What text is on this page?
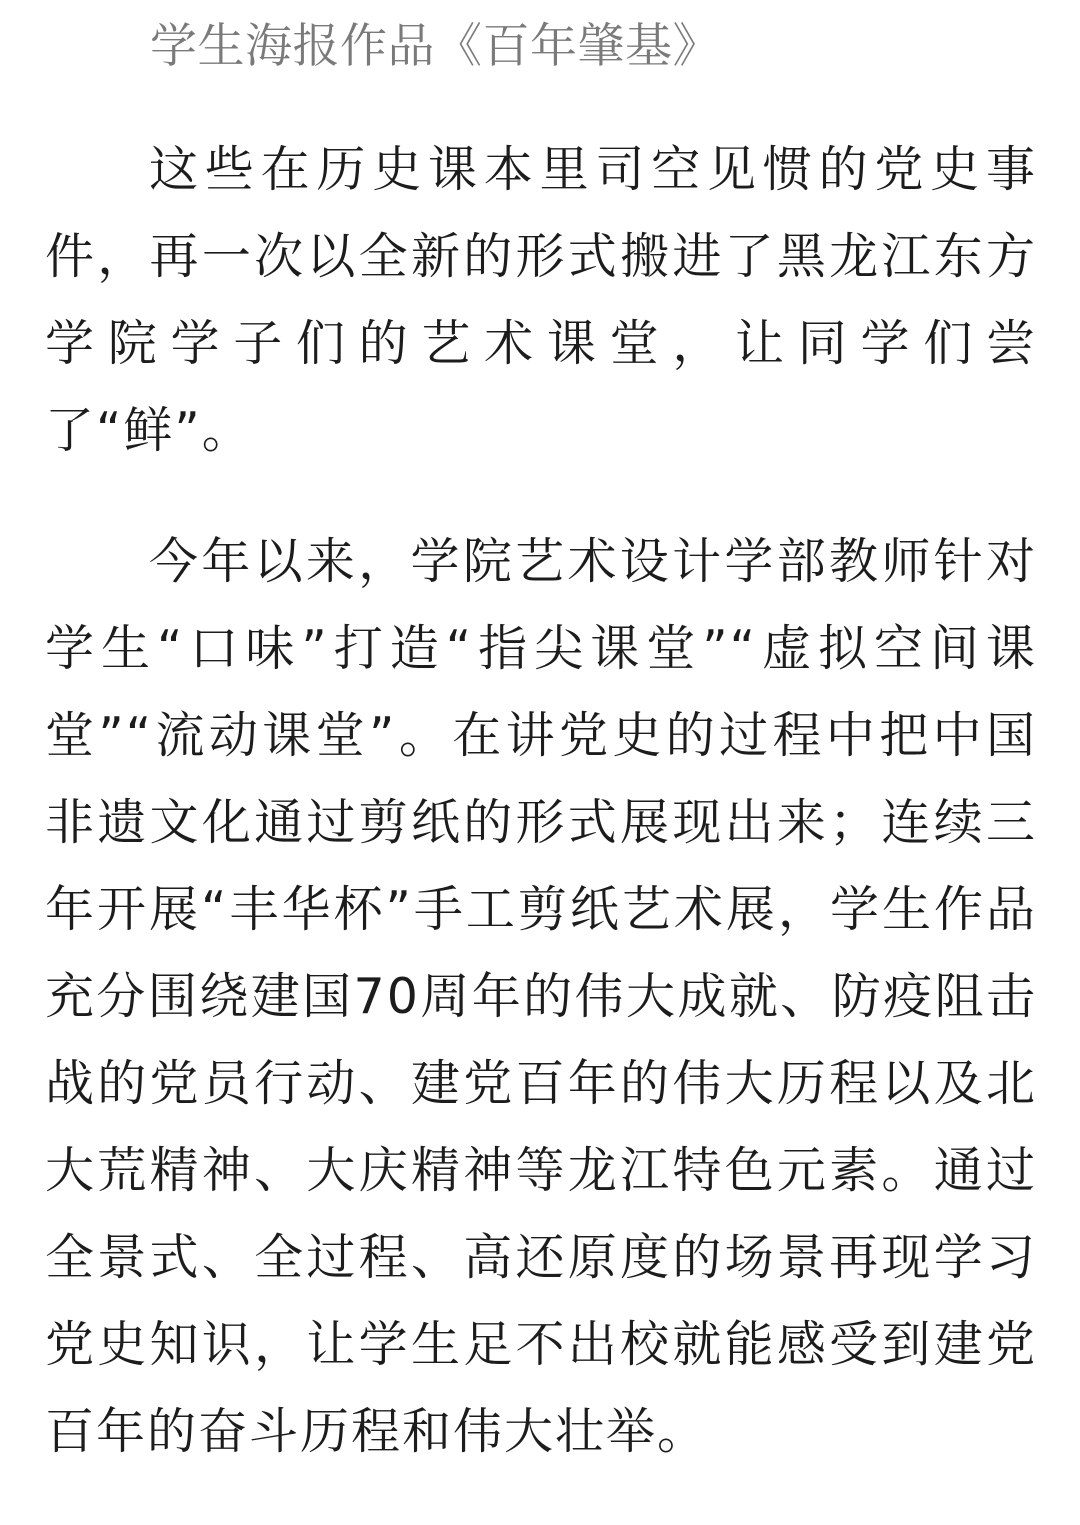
学生海报作品《百年肇基》

这些在历史课本里司空见惯的党史事件，再一次以全新的形式搬进了黑龙江东方学院学子们的艺术课堂，让同学们尝了“鲜”。

今年以来，学院艺术设计学部教师针对学生“口味”打造“指尖课堂”“虚拟空间课堂”“流动课堂”。在讲党史的过程中把中国非遗文化通过剪纸的形式展现出来；连续三年开展“丰华杯”手工剪纸艺术展，学生作品充分围绕建国70周年的伟大成就、防疫阻击战的党员行动、建党百年的伟大历程以及北大荒精神、大庆精神等龙江特色元素。通过全景式、全过程、高还原度的场景再现学习党史知识，让学生足不出校就能感受到建党百年的奋斗历程和伟大壮举。
